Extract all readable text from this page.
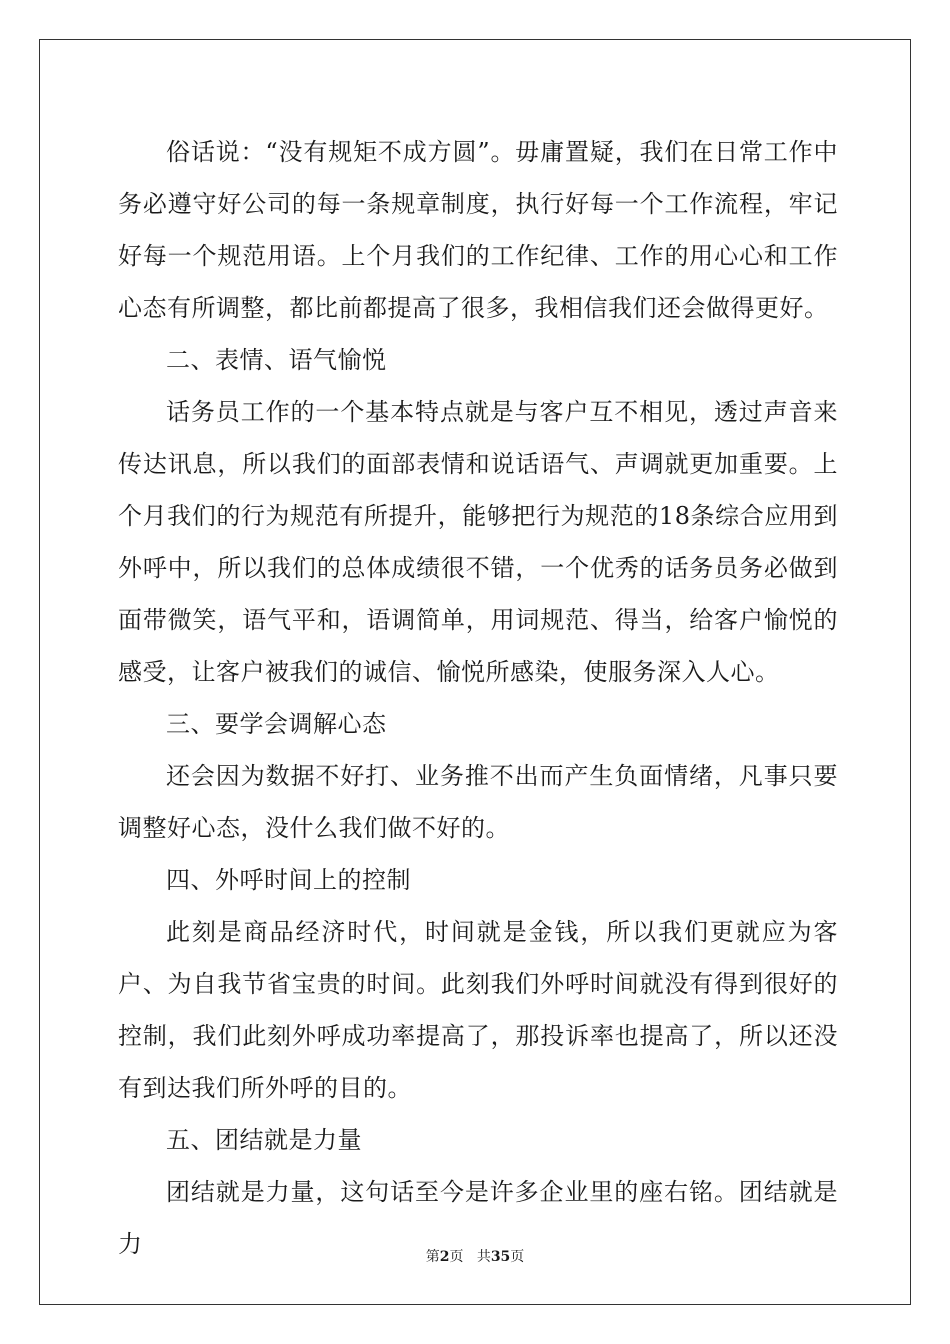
俗话说：“没有规矩不成方圆”。毋庸置疑，我们在日常工作中务必遵守好公司的每一条规章制度，执行好每一个工作流程，牢记好每一个规范用语。上个月我们的工作纪律、工作的用心心和工作心态有所调整，都比前都提高了很多，我相信我们还会做得更好。

二、表情、语气愉悦

话务员工作的一个基本特点就是与客户互不相见，透过声音来传达讯息，所以我们的面部表情和说话语气、声调就更加重要。上个月我们的行为规范有所提升，能够把行为规范的18条综合应用到外呼中，所以我们的总体成绩很不错，一个优秀的话务员务必做到面带微笑，语气平和，语调简单，用词规范、得当，给客户愉悦的感受，让客户被我们的诚信、愉悦所感染，使服务深入人心。

三、要学会调解心态

还会因为数据不好打、业务推不出而产生负面情绪，凡事只要调整好心态，没什么我们做不好的。

四、外呼时间上的控制

此刻是商品经济时代，时间就是金钱，所以我们更就应为客户、为自我节省宝贵的时间。此刻我们外呼时间就没有得到很好的控制，我们此刻外呼成功率提高了，那投诉率也提高了，所以还没有到达我们所外呼的目的。

五、团结就是力量

团结就是力量，这句话至今是许多企业里的座右铭。团结就是力	第2页 共35页
